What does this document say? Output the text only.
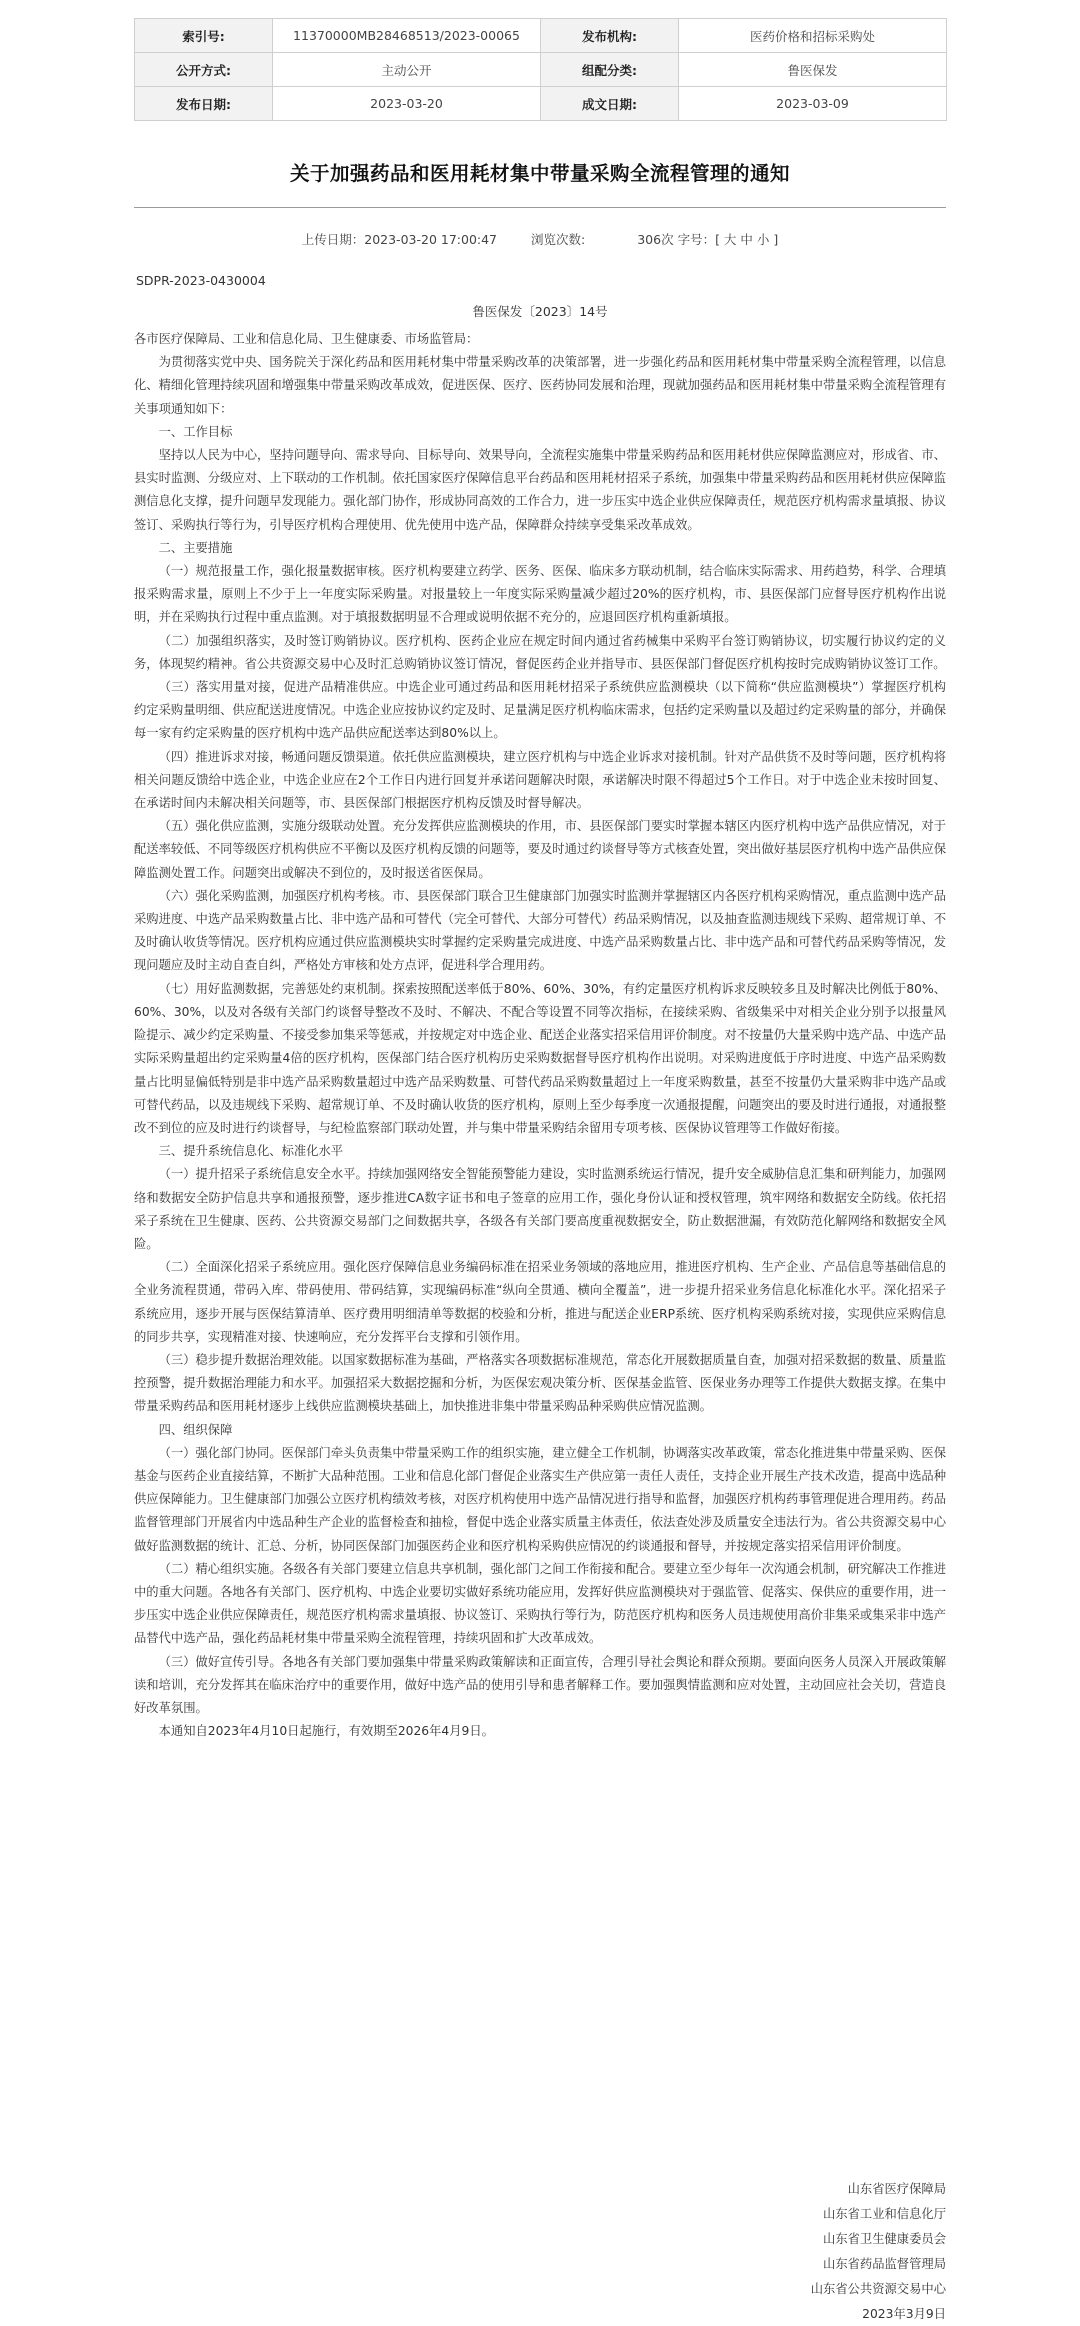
索引号:	11370000MB28468513/2023-00065	发布机构:	医药价格和招标采购处
公开方式:	主动公开	组配分类:	鲁医保发
发布日期:	2023-03-20	成文日期:	2023-03-09
关于加强药品和医用耗材集中带量采购全流程管理的通知
上传日期：2023-03-20 17:00:47	浏览次数:	306次 字号：[ 大 中 小 ]
SDPR-2023-0430004
鲁医保发〔2023〕14号

各市医疗保障局、工业和信息化局、卫生健康委、市场监管局：

为贯彻落实党中央、国务院关于深化药品和医用耗材集中带量采购改革的决策部署，进一步强化药品和医用耗材集中带量采购全流程管理，以信息化、精细化管理持续巩固和增强集中带量采购改革成效，促进医保、医疗、医药协同发展和治理，现就加强药品和医用耗材集中带量采购全流程管理有关事项通知如下：

一、工作目标

坚持以人民为中心，坚持问题导向、需求导向、目标导向、效果导向，全流程实施集中带量采购药品和医用耗材供应保障监测应对，形成省、市、县实时监测、分级应对、上下联动的工作机制。依托国家医疗保障信息平台药品和医用耗材招采子系统，加强集中带量采购药品和医用耗材供应保障监测信息化支撑，提升问题早发现能力。强化部门协作，形成协同高效的工作合力，进一步压实中选企业供应保障责任，规范医疗机构需求量填报、协议签订、采购执行等行为，引导医疗机构合理使用、优先使用中选产品，保障群众持续享受集采改革成效。

二、主要措施

（一）规范报量工作，强化报量数据审核。医疗机构要建立药学、医务、医保、临床多方联动机制，结合临床实际需求、用药趋势，科学、合理填报采购需求量，原则上不少于上一年度实际采购量。对报量较上一年度实际采购量减少超过20%的医疗机构，市、县医保部门应督导医疗机构作出说明，并在采购执行过程中重点监测。对于填报数据明显不合理或说明依据不充分的，应退回医疗机构重新填报。

（二）加强组织落实，及时签订购销协议。医疗机构、医药企业应在规定时间内通过省药械集中采购平台签订购销协议，切实履行协议约定的义务，体现契约精神。省公共资源交易中心及时汇总购销协议签订情况，督促医药企业并指导市、县医保部门督促医疗机构按时完成购销协议签订工作。

（三）落实用量对接，促进产品精准供应。中选企业可通过药品和医用耗材招采子系统供应监测模块（以下简称“供应监测模块”）掌握医疗机构约定采购量明细、供应配送进度情况。中选企业应按协议约定及时、足量满足医疗机构临床需求，包括约定采购量以及超过约定采购量的部分，并确保每一家有约定采购量的医疗机构中选产品供应配送率达到80%以上。

（四）推进诉求对接，畅通问题反馈渠道。依托供应监测模块，建立医疗机构与中选企业诉求对接机制。针对产品供货不及时等问题，医疗机构将相关问题反馈给中选企业，中选企业应在2个工作日内进行回复并承诺问题解决时限，承诺解决时限不得超过5个工作日。对于中选企业未按时回复、在承诺时间内未解决相关问题等，市、县医保部门根据医疗机构反馈及时督导解决。

（五）强化供应监测，实施分级联动处置。充分发挥供应监测模块的作用，市、县医保部门要实时掌握本辖区内医疗机构中选产品供应情况，对于配送率较低、不同等级医疗机构供应不平衡以及医疗机构反馈的问题等，要及时通过约谈督导等方式核查处置，突出做好基层医疗机构中选产品供应保障监测处置工作。问题突出或解决不到位的，及时报送省医保局。

（六）强化采购监测，加强医疗机构考核。市、县医保部门联合卫生健康部门加强实时监测并掌握辖区内各医疗机构采购情况，重点监测中选产品采购进度、中选产品采购数量占比、非中选产品和可替代（完全可替代、大部分可替代）药品采购情况，以及抽查监测违规线下采购、超常规订单、不及时确认收货等情况。医疗机构应通过供应监测模块实时掌握约定采购量完成进度、中选产品采购数量占比、非中选产品和可替代药品采购等情况，发现问题应及时主动自查自纠，严格处方审核和处方点评，促进科学合理用药。

（七）用好监测数据，完善惩处约束机制。探索按照配送率低于80%、60%、30%，有约定量医疗机构诉求反映较多且及时解决比例低于80%、60%、30%，以及对各级有关部门约谈督导整改不及时、不解决、不配合等设置不同等次指标，在接续采购、省级集采中对相关企业分别予以报量风险提示、减少约定采购量、不接受参加集采等惩戒，并按规定对中选企业、配送企业落实招采信用评价制度。对不按量仍大量采购中选产品、中选产品实际采购量超出约定采购量4倍的医疗机构，医保部门结合医疗机构历史采购数据督导医疗机构作出说明。对采购进度低于序时进度、中选产品采购数量占比明显偏低特别是非中选产品采购数量超过中选产品采购数量、可替代药品采购数量超过上一年度采购数量，甚至不按量仍大量采购非中选产品或可替代药品，以及违规线下采购、超常规订单、不及时确认收货的医疗机构，原则上至少每季度一次通报提醒，问题突出的要及时进行通报，对通报整改不到位的应及时进行约谈督导，与纪检监察部门联动处置，并与集中带量采购结余留用专项考核、医保协议管理等工作做好衔接。

三、提升系统信息化、标准化水平

（一）提升招采子系统信息安全水平。持续加强网络安全智能预警能力建设，实时监测系统运行情况，提升安全威胁信息汇集和研判能力，加强网络和数据安全防护信息共享和通报预警，逐步推进CA数字证书和电子签章的应用工作，强化身份认证和授权管理，筑牢网络和数据安全防线。依托招采子系统在卫生健康、医药、公共资源交易部门之间数据共享，各级各有关部门要高度重视数据安全，防止数据泄漏，有效防范化解网络和数据安全风险。

（二）全面深化招采子系统应用。强化医疗保障信息业务编码标准在招采业务领域的落地应用，推进医疗机构、生产企业、产品信息等基础信息的全业务流程贯通，带码入库、带码使用、带码结算，实现编码标准“纵向全贯通、横向全覆盖”，进一步提升招采业务信息化标准化水平。深化招采子系统应用，逐步开展与医保结算清单、医疗费用明细清单等数据的校验和分析，推进与配送企业ERP系统、医疗机构采购系统对接，实现供应采购信息的同步共享，实现精准对接、快速响应，充分发挥平台支撑和引领作用。

（三）稳步提升数据治理效能。以国家数据标准为基础，严格落实各项数据标准规范，常态化开展数据质量自查，加强对招采数据的数量、质量监控预警，提升数据治理能力和水平。加强招采大数据挖掘和分析，为医保宏观决策分析、医保基金监管、医保业务办理等工作提供大数据支撑。在集中带量采购药品和医用耗材逐步上线供应监测模块基础上，加快推进非集中带量采购品种采购供应情况监测。

四、组织保障

（一）强化部门协同。医保部门牵头负责集中带量采购工作的组织实施，建立健全工作机制，协调落实改革政策，常态化推进集中带量采购、医保基金与医药企业直接结算，不断扩大品种范围。工业和信息化部门督促企业落实生产供应第一责任人责任，支持企业开展生产技术改造，提高中选品种供应保障能力。卫生健康部门加强公立医疗机构绩效考核，对医疗机构使用中选产品情况进行指导和监督，加强医疗机构药事管理促进合理用药。药品监督管理部门开展省内中选品种生产企业的监督检查和抽检，督促中选企业落实质量主体责任，依法查处涉及质量安全违法行为。省公共资源交易中心做好监测数据的统计、汇总、分析，协同医保部门加强医药企业和医疗机构采购供应情况的约谈通报和督导，并按规定落实招采信用评价制度。

（二）精心组织实施。各级各有关部门要建立信息共享机制，强化部门之间工作衔接和配合。要建立至少每年一次沟通会机制，研究解决工作推进中的重大问题。各地各有关部门、医疗机构、中选企业要切实做好系统功能应用，发挥好供应监测模块对于强监管、促落实、保供应的重要作用，进一步压实中选企业供应保障责任，规范医疗机构需求量填报、协议签订、采购执行等行为，防范医疗机构和医务人员违规使用高价非集采或集采非中选产品替代中选产品，强化药品耗材集中带量采购全流程管理，持续巩固和扩大改革成效。

（三）做好宣传引导。各地各有关部门要加强集中带量采购政策解读和正面宣传，合理引导社会舆论和群众预期。要面向医务人员深入开展政策解读和培训，充分发挥其在临床治疗中的重要作用，做好中选产品的使用引导和患者解释工作。要加强舆情监测和应对处置，主动回应社会关切，营造良好改革氛围。

本通知自2023年4月10日起施行，有效期至2026年4月9日。

山东省医疗保障局
山东省工业和信息化厅
山东省卫生健康委员会
山东省药品监督管理局
山东省公共资源交易中心
2023年3月9日
